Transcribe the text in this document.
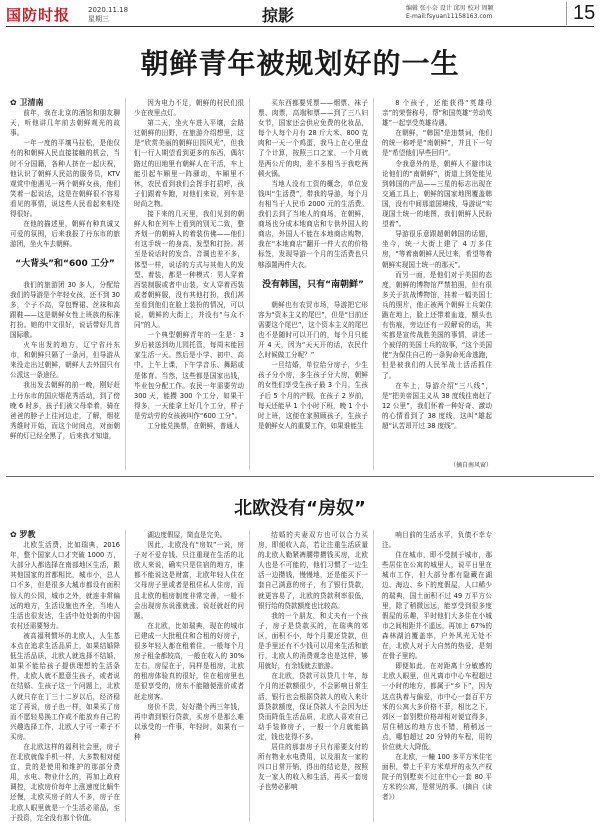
国防时报	2020.11.18
星期三	掠影	编辑 张小奈 设计 邱男 校对 周颖
E-mail:fsyuan11158163.com	15
朝鲜青年被规划好的一生
✿ 卫清南

前年，我在北京的酒馆和朋友聊天，听他讲几年前去朝鲜观光的故事。

一年一度的平壤马拉松，是他仅有的和朝鲜人民直接接触的机会，当时不分国籍，各种人挤在一起庆祝，他认识了朝鲜人民站的服务员，KTV观赏中他遇见一两个朝鲜女孩，他们笑着一起说话，这是在朝鲜很不容易看见的事情，说这些人民看起来相处得很好。

在他的描述里，朝鲜有种真诚又可爱的氛围，后来我报了丹东市的旅游团，坐火车去朝鲜。

“大背头”和“600 工分”

我们的旅游团 30 多人，分配给我们的导游是个年轻女孩，还不到 30 多，个子不高，穿包臀裙、丝袜和高跟鞋——这是朝鲜女性上班族的标准打扮。她的中文很好，说话带好几首国际歌。

火车出发的地方，辽宁省丹东市，和朝鲜只隔了一条河，但导游从来没走出过朝鲜，朝鲜人去外国只有公派这一条途径。

我出发去朝鲜的前一晚，刚好赶上丹东市的国庆烟花秀活动，到了傍晚 6 时多，孩子们被父母牵着，骑在爸爸的脖子上往河边走，了解，烟花秀维时开始，而这个时间点，对面朝鲜的灯已经全黑了，后来我才知道，

因为电力不足，朝鲜的村民们很少在夜里点灯。

第二天，坐火车进入平壤，会路过朝鲜的田野，在旅游介绍想里，这是“欣赏美丽的朝鲜田园风光”，但我们一行人期望看到更多的东西，偶尔路过的田地里有朝鲜人在干活，车上能引起车厢里一阵骚动，车厢里不休，农民看到我们会挥手打招呼，孩子们跟着车跑，对他们来说，列车是时尚之物。

接下来的几天里，我们见到的朝鲜人和在列车上看到的别无二致，整齐划一的朝鲜人的着装仿佛——他们有这手统一的身高、发型和打扮。甚至是说话时的发音、音调也差不多，体型一样，说话的方式与其他人的发型、着装，都是一种模式：男人穿着西装制服或者中山装，女人穿着西装或者朝鲜服，没有其他打扮，我们甚至看到他们在脸上装扮的情况，可以说，朝鲜的大街上，并没有“与众不同”的人。

一个典型朝鲜青年的一生是：3 岁后被送到幼儿园托管，每周末能回家生活一天。然后是小学、初中、高中。上午上课，下午学音乐、舞蹈或是体育。当然，这些都是国家出钱，毕业包分配工作。农民一年需要劳动 300 天，能攒 300 个工分，如果干得多，一天能拿上好几个工分，样子是劳动劳的女孩被叫作“600 工分”。

工分能兑换票，在朝鲜，普通人

买东西都要凭票——烟票、袜子票、肉票，高端和票——到了三八妇女节，国家还会供应免费的化妆品，每个人每个月有 28 斤大米、800 克肉和一天一个鸡蛋，我马上在心里盘了个计算，按照三口之家，一个月就是两公斤的肉，差不多相当于我吃两顿火锅。

当地人没有工资的概念，单位发钱叫“生活费”，带我的导游，每个月有相当于人民币 2000 元的生活费。我们去到了当地人的商场，在朝鲜，商场也分成本地商店和专供外国人的商店，外国人不能在本地商店购物，我在“本地商店”翻开一件大衣的价格标签，发现导游一个月的生活费也只够添置两件大衣。

没有韩国，只有“南朝鲜”

朝鲜也有农贸市场，导游把它形容为“资本主义的尾巴”，但是“目前还需要这个尾巴”，这个资本主义的尾巴也不是随时可以开门的，每个月只能开 4 天，因为“天天开的话，农民什么时候做工分呢？”

一旦结婚，单位给分房子，少生孩子分小房，多生孩子分大房，朝鲜的女性们享受生孩子最 3 个月，生孩子后 5 个月的产假，在孩子 2 岁前，每天还能早 1 个小时下班，晚 1 个小时上班，这便在家照顾孩子，生孩子是朝鲜女人的重要工作，如果谁能生

8 个孩子，还能获得“英雄母亲”的荣誉称号，帮“和国英雄“劳动英雄”一起享受英雄待遇。

在朝鲜，“韩国”是违禁词，他们的统一称呼是“南朝鲜”，并且下一句是“希望他们早些回归”。

令我意外的是，朝鲜人不避讳谈论他们的“南朝鲜”，街道上到处能见到韩国的产品——三星的标志出现在交通工具上，朝鲜的国家地图覆盖韩国，没有中间那道国境线，导游说“实现国土统一的地图，我们朝鲜人民盼望着”。

导游很乐意跟超朝韩国的话题，坐今，统一大街上建了 4 万多住房，“等着南朝鲜人民过来，希望等着朝鲜实现国土统一的那天”。

而另一面，是他们对于美国的态度，朝鲜的博物馆严禁拍照，但有很多关于抗战博物馆，挂着一幅美国士兵的照片，他正被两个朝鲜士兵架住跪在地上，脸上还带着血迹，额头也有伤痕，旁边还有一段解说的话，其实都是宣传战胜美国的事情，讲述一个被俘的美国士兵的故事，“这个美国佬”为保住自己的一条狗命死命逃跑，但是被我们的人民军战士活活抓住了。

在车上，导游介绍“三八线”，是“把美帝国主义从 38 度线往南赶了 12 公里”，我们怀着一种好奇、激动的心情看到了 38 度线，这叫“雄起超“认苦昂开过 38 度线”。

（摘自南风窗）
北欧没有“房奴”
✿ 罗教

北欧生活费，比如瑞典，2016 年，整个国家人口才突破 1000 万，大部分人都选择在南部地区生活，跟其他国家的首都相比，城市小，总人口不多，但是很多大城市都设有面积惊人的公园，城市之外，就连非常偏远的地方，生活设施也齐全，当地人生活也很发达，生活中处处新的中国农村还需要努力。

被高福利惯坏的北欧人，人生基本点在追求生活品质上，如果结婚降低生活品质，北欧人就选择不结婚，如果不能给孩子提供理想的生活条件，北欧人就不愿意生孩子，或者说在结婚、生孩子这一个问题上，北欧人就只存在丁三十二岁以后，经济稳定了再说，房子也一样，如果买了房而不愿轻易换工作或不能放弃自己的兴趣选择工作，北欧人宁可一辈子不买房。

在北欧这样的福利社会里，房子在北欧就像手机一样，大多数相对便宜，贵的是使用和维护的那部分费用，水电、物业什么的，再加上政府调控，北欧房价每年上涨速度比蜗牛还慢，北欧买房子的人不多，房子在北欧人眼里就是一个生活必需品，至于投资，完全没有那个价值。

湖边度假屋，简直是完美。

因此，北欧没有“房奴”一说，房子对不爱存钱、只注重现在生活的北欧人来说，确实只是住宿的地方，谁都不能说这是财富，北欧年轻人住在父母房子里或者是租住私人住房，而且北欧的租房制度非常完善，一般不会出现房东说涨就涨、说赶就赶的问题。

在北欧，比如瑞典，现在的城市已建成一大批租住和合租的好房子，很多年轻人都在租着住，一般每个月房子租金都较高，一般在收入的 30%左右，房屋在于，同样是租房，北欧的租房体验真的很好，住在租房里也是很享受的，房东不能随便涨价或者赶走房客。

房价不贵，好好攒个两三年钱，再申请到银行贷款，买房不是那么难以承受的一件事，年轻时，如果有一种

结婚的夫妻双方也可以合力买房，即便收入高，若让注重生活质量的北欧人勒紧裤腰带攒钱买房，北欧人也是不可能的，他们习惯了一边生活一边攒钱，慢慢地，还是能买下一套自己满意的房子，有了银行贷款，就更容易了，北欧的贷款利率很低，银行给的贷款额度也比较高。

我的一个朋友，和丈夫有一个孩子，房子是贷款买的，在瑞典的郊区，面积不小，每个月要还贷款，但是手里还有不少钱可以用来生活和旅行，北欧人的消费观念也是这样，够用就好，有余钱就去旅游。

在北欧，贷款可以贷几十年，每个月的还款额很少，不会影响日常生活，银行也会根据贷款人的收入来计算贷款额度，保证贷款人不会因为还贷而降低生活品质，北欧人喜欢自己动手装修房子，一般一个月就能搞定，钱也花得不多。

居住的那套房子只有需要支付的所有物业水电费用，以及朋友一家的四口日常开销，得出的结论是，按照友一家人的收入和生活，再买一套房子也势必影响

响目前的生活水平，负债不幸专注。

住在城市，即不受制于城市，那些居住在公寓的城里人，说平日里在城市工作，但大部分都有隐藏在湖边、海边、乡下的度假屋，人口稀少的瑞典，国土面积不过 49 万平方公里，除了稍微远远，能享受到很多度假屋的乐趣，平时他们大多住在小城市之间相距并不遥远，再加上 67%的森林湖泊覆盖率，户外风光无处不在，北欧人对于大自然的热爱，是刻在骨子里的。

即便如此，在对距离十分敏感的北欧人眼里，但凡离市中心车程超过一小时的地方，都属于“乡下”，因为这点执着与偏爱，市中心一套百平方米的公寓大多价格不菲，相比之下，郊区一套别墅价格却相对便宜得多，居住稍远的地方也不错，稍稍远一点，哪怕超过 20 分钟的车程，用的价位就大大降低。

在北欧，一幢 100 多平方米住宅面积，带上千平方米草坪的永久产权院子的别墅卖不过在中心一套 80 平方米的公寓，是常见的事。（摘自《读者》）
